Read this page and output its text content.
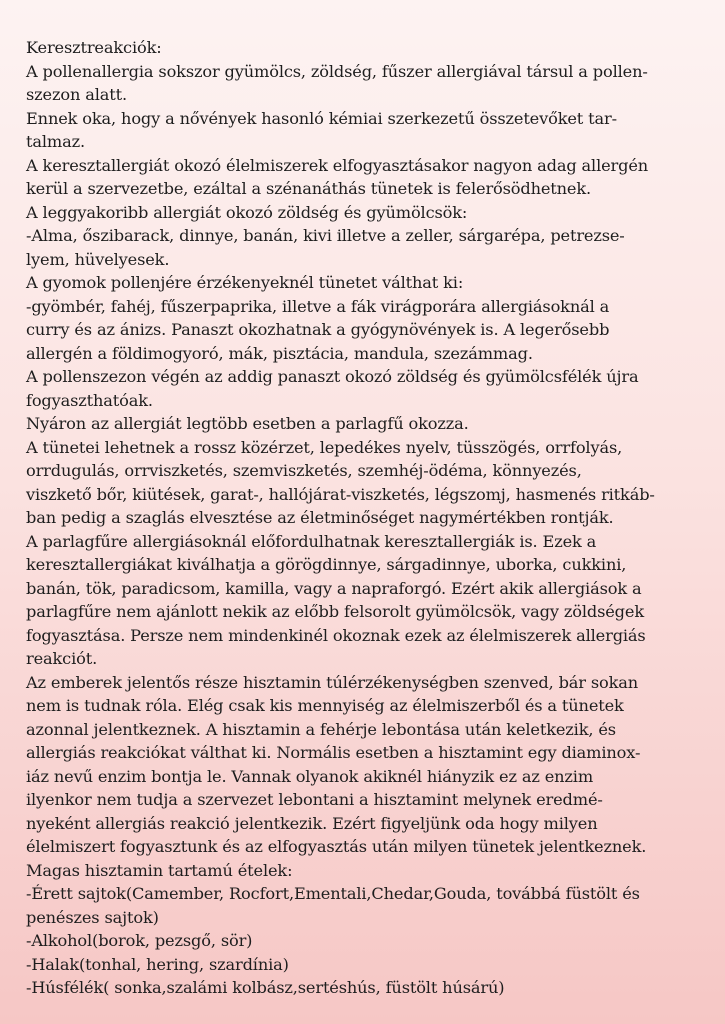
Keresztreakciók:
A pollenallergia sokszor gyümölcs, zöldség, fűszer allergiával társul a pollen-
szezon alatt.
Ennek oka, hogy a nővények hasonló kémiai szerkezetű összetevőket tar-
talmaz.
A keresztallergiát okozó élelmiszerek elfogyasztásakor nagyon adag allergén
kerül a szervezetbe, ezáltal a szénanáthás tünetek is felerősödhetnek.
A leggyakoribb allergiát okozó zöldség és gyümölcsök:
-Alma, őszibarack, dinnye, banán, kivi illetve a zeller, sárgarépa, petrezse-
lyem, hüvelyesek.
A gyomok pollenjére érzékenyeknél tünetet válthat ki:
-gyömbér, fahéj, fűszerpaprika, illetve a fák virágporára allergiásoknál a
curry és az ánizs. Panaszt okozhatnak a gyógynövények is. A legerősebb
allergén a földimogyoró, mák, pisztácia, mandula, szezámmag.
A pollenszezon végén az addig panaszt okozó zöldség és gyümölcsfélék újra
fogyaszthatóak.
Nyáron az allergiát legtöbb esetben a parlagfű okozza.
A tünetei lehetnek a rossz közérzet, lepedékes nyelv, tüsszögés, orrfolyás,
orrdugulás, orrviszketés, szemviszketés, szemhéj-ödéma, könnyezés,
viszkető bőr, kiütések, garat-, hallójárat-viszketés, légszomj, hasmenés ritkáb-
ban pedig a szaglás elvesztése az életminőséget nagymértékben rontják.
A parlagfűre allergiásoknál előfordulhatnak keresztallergiák is. Ezek a
keresztallergiákat kiválhatja a görögdinnye, sárgadinnye, uborka, cukkini,
banán, tök, paradicsom, kamilla, vagy a napraforgó. Ezért akik allergiások a
parlagfűre nem ajánlott nekik az előbb felsorolt gyümölcsök, vagy zöldségek
fogyasztása. Persze nem mindenkinél okoznak ezek az élelmiszerek allergiás
reakciót.
Az emberek jelentős része hisztamin túlérzékenységben szenved, bár sokan
nem is tudnak róla. Elég csak kis mennyiség az élelmiszerből és a tünetek
azonnal jelentkeznek. A hisztamin a fehérje lebontása után keletkezik, és
allergiás reakciókat válthat ki. Normális esetben a hisztamint egy diaminox-
iáz nevű enzim bontja le. Vannak olyanok akiknél hiányzik ez az enzim
ilyenkor nem tudja a szervezet lebontani a hisztamint melynek eredmé-
nyeként allergiás reakció jelentkezik. Ezért figyeljünk oda hogy milyen
élelmiszert fogyasztunk és az elfogyasztás után milyen tünetek jelentkeznek.
Magas hisztamin tartamú ételek:
-Érett sajtok(Camember, Rocfort,Ementali,Chedar,Gouda, továbbá füstölt és
penészes sajtok)
-Alkohol(borok, pezsgő, sör)
-Halak(tonhal, hering, szardínia)
-Húsfélék( sonka,szalámi kolbász,sertéshús, füstölt húsárú)
